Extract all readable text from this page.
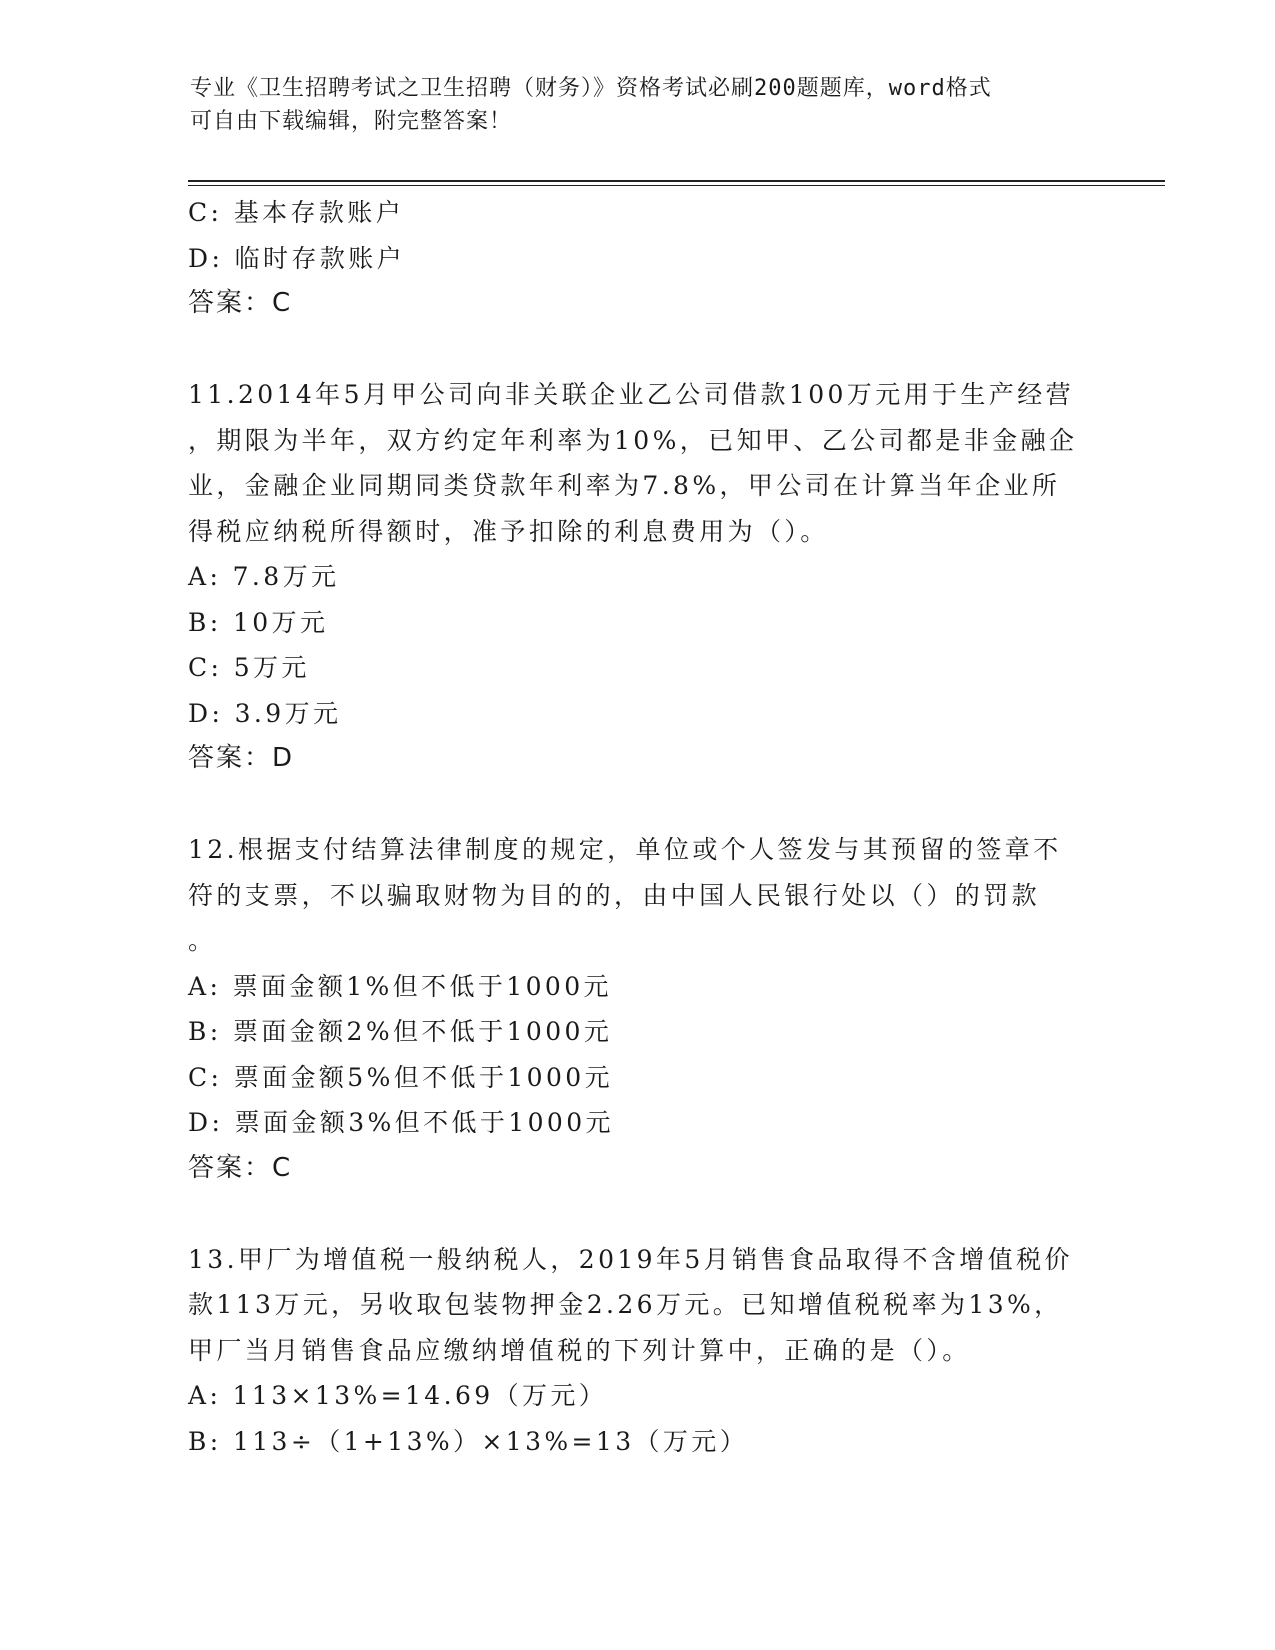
专业《卫生招聘考试之卫生招聘（财务）》资格考试必刷200题题库，word格式
可自由下载编辑，附完整答案！
C: 基本存款账户
D: 临时存款账户
答案：C
11.2014年5月甲公司向非关联企业乙公司借款100万元用于生产经营
，期限为半年，双方约定年利率为10%，已知甲、乙公司都是非金融企
业，金融企业同期同类贷款年利率为7.8%，甲公司在计算当年企业所
得税应纳税所得额时，准予扣除的利息费用为（）。
A: 7.8万元
B: 10万元
C: 5万元
D: 3.9万元
答案：D
12.根据支付结算法律制度的规定，单位或个人签发与其预留的签章不
符的支票，不以骗取财物为目的的，由中国人民银行处以（）的罚款
。
A: 票面金额1%但不低于1000元
B: 票面金额2%但不低于1000元
C: 票面金额5%但不低于1000元
D: 票面金额3%但不低于1000元
答案：C
13.甲厂为增值税一般纳税人，2019年5月销售食品取得不含增值税价
款113万元，另收取包装物押金2.26万元。已知增值税税率为13%，
甲厂当月销售食品应缴纳增值税的下列计算中，正确的是（）。
A: 113×13%=14.69（万元）
B: 113÷（1+13%）×13%=13（万元）
